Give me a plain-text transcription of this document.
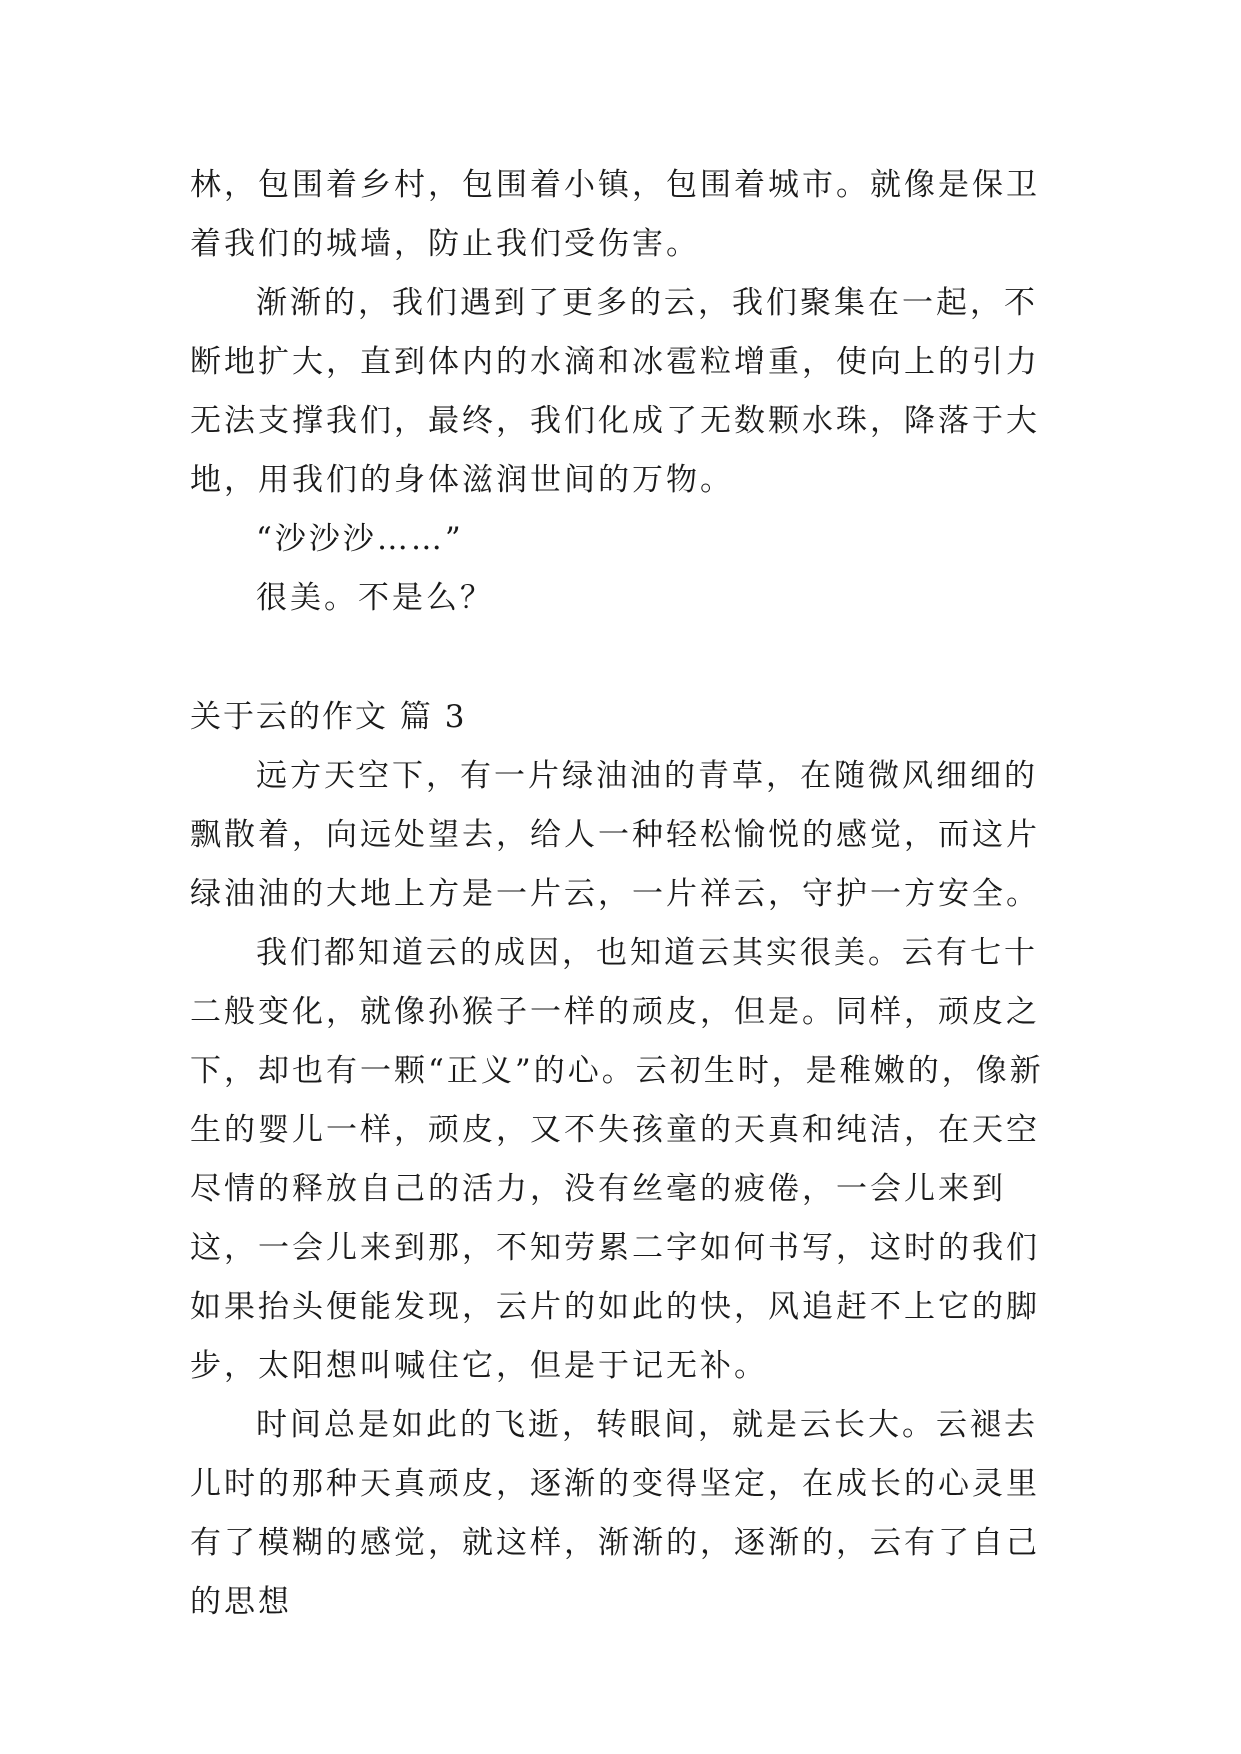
林，包围着乡村，包围着小镇，包围着城市。就像是保卫着我们的城墙，防止我们受伤害。

渐渐的，我们遇到了更多的云，我们聚集在一起，不断地扩大，直到体内的水滴和冰雹粒增重，使向上的引力无法支撑我们，最终，我们化成了无数颗水珠，降落于大地，用我们的身体滋润世间的万物。

“沙沙沙……”

很美。不是么？

关于云的作文 篇 3

远方天空下，有一片绿油油的青草，在随微风细细的飘散着，向远处望去，给人一种轻松愉悦的感觉，而这片绿油油的大地上方是一片云，一片祥云，守护一方安全。

我们都知道云的成因，也知道云其实很美。云有七十二般变化，就像孙猴子一样的顽皮，但是。同样，顽皮之下，却也有一颗“正义”的心。云初生时，是稚嫩的，像新生的婴儿一样，顽皮，又不失孩童的天真和纯洁，在天空尽情的释放自己的活力，没有丝毫的疲倦，一会儿来到这，一会儿来到那，不知劳累二字如何书写，这时的我们如果抬头便能发现，云片的如此的快，风追赶不上它的脚步，太阳想叫喊住它，但是于记无补。

时间总是如此的飞逝，转眼间，就是云长大。云褪去儿时的那种天真顽皮，逐渐的变得坚定，在成长的心灵里有了模糊的感觉，就这样，渐渐的，逐渐的，云有了自己的思想
